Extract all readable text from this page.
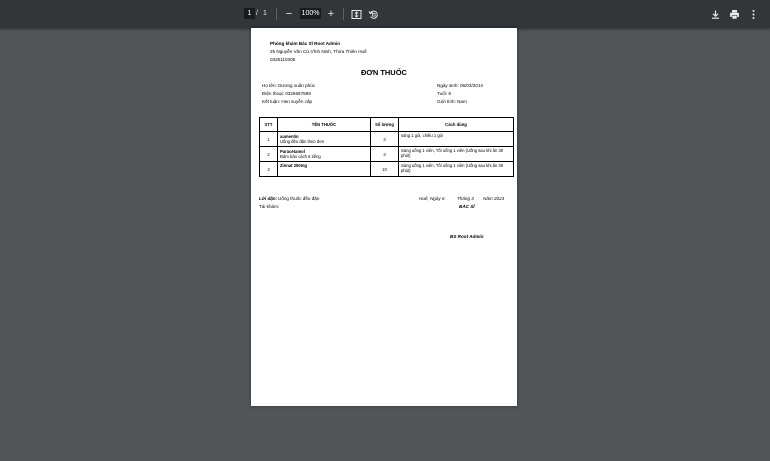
1 / 1	−	100% +
Phòng khám Bác Sĩ Root Admin
25 Nguyễn Văn Cừ,Vĩnh Ninh, Thừa Thiên Huế
0325110306
ĐƠN THUỐC
Họ tên: Dương xuân phúc
Điện thoại: 0325667589
Kết luận: Hen suyễn cấp
Ngày sinh: 06/03/2014
Tuổi: 9
Giới tính: Nam
STT	TÊN THUỐC	Số lượng	Cách dùng
1	aumentin
Uống đều đặn theo đơn	3	sáng 1 gói, chiều 1 gói
2	Paracetamol
Đảm bảo cách 6 tiếng	3	Sáng uống 1 viên, Tối uống 1 viên (Uống sau khi ăn 30 phút)
3	Zinnat 250mg	10	Sáng uống 1 viên, Tối uống 1 viên (Uống sau khi ăn 30 phút)
Lời dặn: Uống thuốc đều đặn
Tái khám:
Huế, Ngày 6	Tháng 3 Năm 2023
BÁC SĨ
BS Root Admin
